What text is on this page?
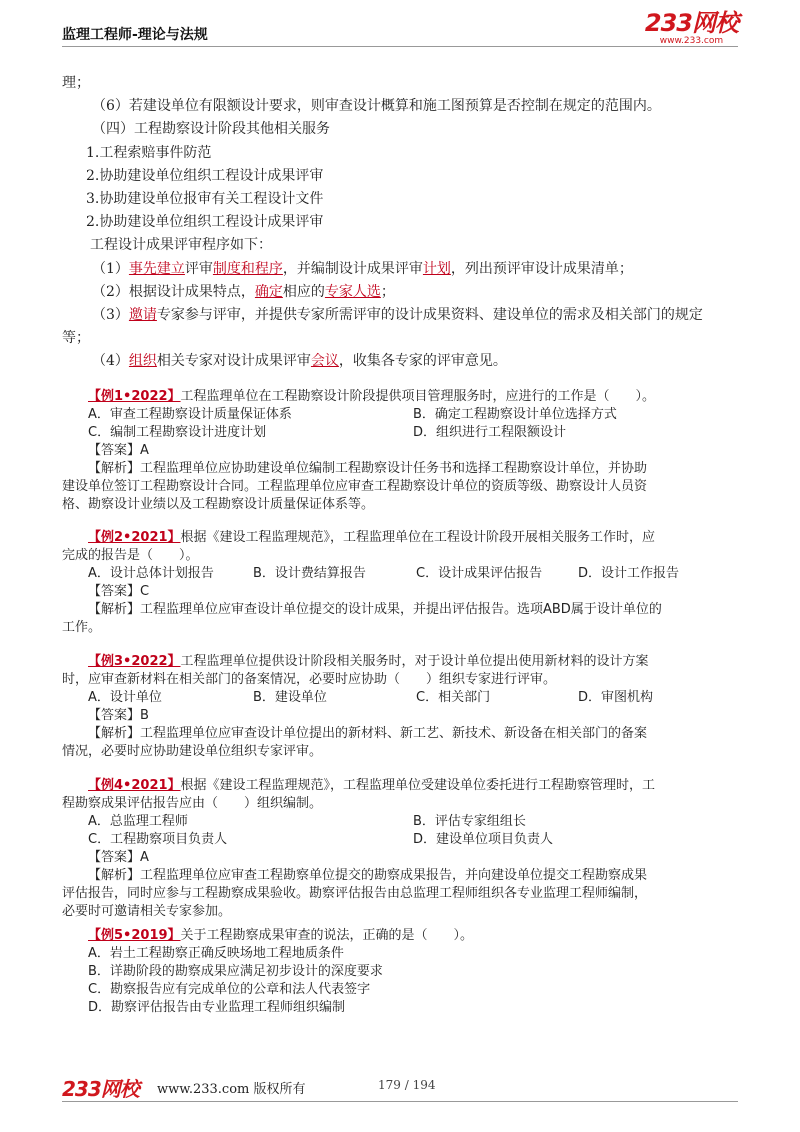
监理工程师-理论与法规	233网校
www.233.com
理；
（6）若建设单位有限额设计要求，则审查设计概算和施工图预算是否控制在规定的范围内。
（四）工程勘察设计阶段其他相关服务
1.工程索赔事件防范
2.协助建设单位组织工程设计成果评审
3.协助建设单位报审有关工程设计文件
2.协助建设单位组织工程设计成果评审
工程设计成果评审程序如下：
（1）事先建立评审制度和程序，并编制设计成果评审计划，列出预评审设计成果清单；
（2）根据设计成果特点，确定相应的专家人选；
（3）邀请专家参与评审，并提供专家所需评审的设计成果资料、建设单位的需求及相关部门的规定
等；
（4）组织相关专家对设计成果评审会议，收集各专家的评审意见。
【例1•2022】工程监理单位在工程勘察设计阶段提供项目管理服务时，应进行的工作是（　　）。
A．审查工程勘察设计质量保证体系	B．确定工程勘察设计单位选择方式
C．编制工程勘察设计进度计划	D．组织进行工程限额设计
【答案】A
【解析】工程监理单位应协助建设单位编制工程勘察设计任务书和选择工程勘察设计单位，并协助
建设单位签订工程勘察设计合同。工程监理单位应审查工程勘察设计单位的资质等级、勘察设计人员资
格、勘察设计业绩以及工程勘察设计质量保证体系等。
【例2•2021】根据《建设工程监理规范》，工程监理单位在工程设计阶段开展相关服务工作时，应
完成的报告是（　　）。
A．设计总体计划报告	B．设计费结算报告	C．设计成果评估报告	D．设计工作报告
【答案】C
【解析】工程监理单位应审查设计单位提交的设计成果，并提出评估报告。选项ABD属于设计单位的
工作。
【例3•2022】工程监理单位提供设计阶段相关服务时，对于设计单位提出使用新材料的设计方案
时，应审查新材料在相关部门的备案情况，必要时应协助（　　）组织专家进行评审。
A．设计单位	B．建设单位	C．相关部门	D．审图机构
【答案】B
【解析】工程监理单位应审查设计单位提出的新材料、新工艺、新技术、新设备在相关部门的备案
情况，必要时应协助建设单位组织专家评审。
【例4•2021】根据《建设工程监理规范》，工程监理单位受建设单位委托进行工程勘察管理时，工
程勘察成果评估报告应由（　　）组织编制。
A．总监理工程师	B．评估专家组组长
C．工程勘察项目负责人	D．建设单位项目负责人
【答案】A
【解析】工程监理单位应审查工程勘察单位提交的勘察成果报告，并向建设单位提交工程勘察成果
评估报告，同时应参与工程勘察成果验收。勘察评估报告由总监理工程师组织各专业监理工程师编制，
必要时可邀请相关专家参加。
【例5•2019】关于工程勘察成果审查的说法，正确的是（　　）。
A．岩土工程勘察正确反映场地工程地质条件
B．详勘阶段的勘察成果应满足初步设计的深度要求
C．勘察报告应有完成单位的公章和法人代表签字
D．勘察评估报告由专业监理工程师组织编制
233网校 www.233.com 版权所有	179 / 194
